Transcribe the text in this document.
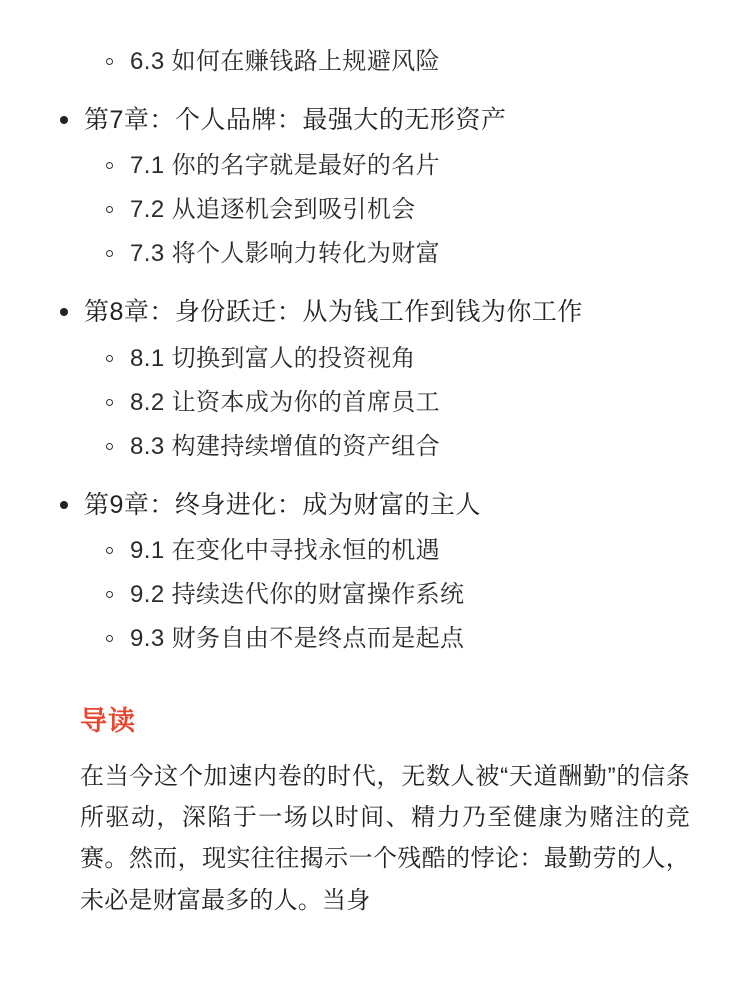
6.3 如何在赚钱路上规避风险
第7章：个人品牌：最强大的无形资产
7.1 你的名字就是最好的名片
7.2 从追逐机会到吸引机会
7.3 将个人影响力转化为财富
第8章：身份跃迁：从为钱工作到钱为你工作
8.1 切换到富人的投资视角
8.2 让资本成为你的首席员工
8.3 构建持续增值的资产组合
第9章：终身进化：成为财富的主人
9.1 在变化中寻找永恒的机遇
9.2 持续迭代你的财富操作系统
9.3 财务自由不是终点而是起点
导读

在当今这个加速内卷的时代，无数人被“天道酬勤”的信条所驱动，深陷于一场以时间、精力乃至健康为赌注的竞赛。然而，现实往往揭示一个残酷的悖论：最勤劳的人，未必是财富最多的人。当身
